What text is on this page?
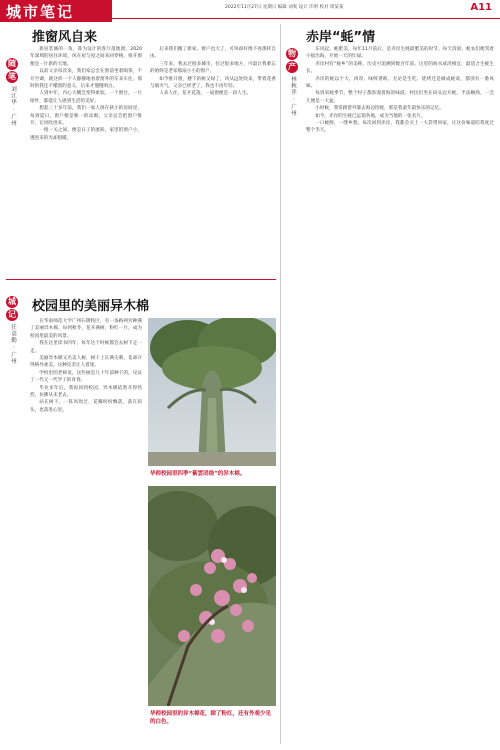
城市笔记	2022年11月27日 星期日 编辑 刘爽 设计 许明 校对 周某某	A11
随
笔
刘江华 · 广州
推窗风自来

新居装修的一角，算为设计的客厅落地窗，2020年深圳的居住环境，风在屋与屋之间来回穿梭，推开窗便是一片新的天地。

以前父亲每次来，我们家总会在窗前坐着喝茶，不开空调，就这样一个人静静地看着窗外的车来车往。那时的我还不懂窗的意义，后来才慢慢明白。

人到中年，内心大概会变得柔软。一个窗台，一片绿叶，都能让人感到生活的美好。

想起三十多年前，我们一家人挤在狭小的房间里，每到夏日，窗户便是唯一的凉源。父亲总会把窗户推开，让风吹进来。

一推一关之间，便是日子的流转。家里的窗户小，透进来的光却很暖。

后来我们搬了新家，窗户也大了，可风却好像不再那样自由。

三年来，我去过很多城市，住过很多地方，可最让我难忘的始终是老家那扇小小的窗户。

如今推开窗，楼下的树又绿了，风从远处吹来，带着花香与烟火气。父亲已经老了，我也不再年轻。

人来人往，花开花落，一扇窗便是一段人生。

城
记
任高勤 · 广州
校园里的美丽异木棉

在华南师范大学广州石牌校区，有一条路两旁种满了美丽异木棉。每到秋冬，花开满树，粉红一片，成为校园里最美的风景。

我在这里读书四年，每年这个时候都会去树下走一走。

美丽异木棉又名美人树，树干上长满尖刺，花却开得格外柔美。这种反差让人着迷。

学校里的老师说，这些树是几十年前种下的，见证了一代又一代学子的青春。

毕业多年后，我再回到校园，异木棉依然开得热烈，仿佛从未老去。

站在树下，一阵风吹过，花瓣纷纷飘落，落在肩头，也落进心里。

华师校园里四季“紫雲团绕”的异木棉。
华师校园里的异木棉花，除了粉红，还有外观少见的白色。
物
产
林秋萍 · 广州
赤岸“蚝”情

东风起，蚝肥美。每年11月前后，是赤岸生蚝最肥美的时节。每天清晨，蚝农们便驾着小船出海，开始一天的忙碌。

赤岸村有“蚝乡”的美称，历史可追溯到数百年前。这里的海水咸淡相宜，最适合生蚝生长。

赤岸的蚝以个大、肉厚、味鲜著称，无论是生吃、烧烤还是做成蚝豉，都别有一番风味。

每到采蚝季节，整个村子都弥漫着海的味道。村民们坐在码头边开蚝，手法娴熟，一会儿便是一大盆。

小时候，我常跟着外婆去海边捡蚝，那是我童年最快乐的记忆。

如今，赤岸的生蚝已远销各地，成为当地的一张名片。

一口蚝鲜，一缕乡愁。每次回到赤岸，我都会买上一大袋带回家，让这份味道陪我度过整个冬天。
